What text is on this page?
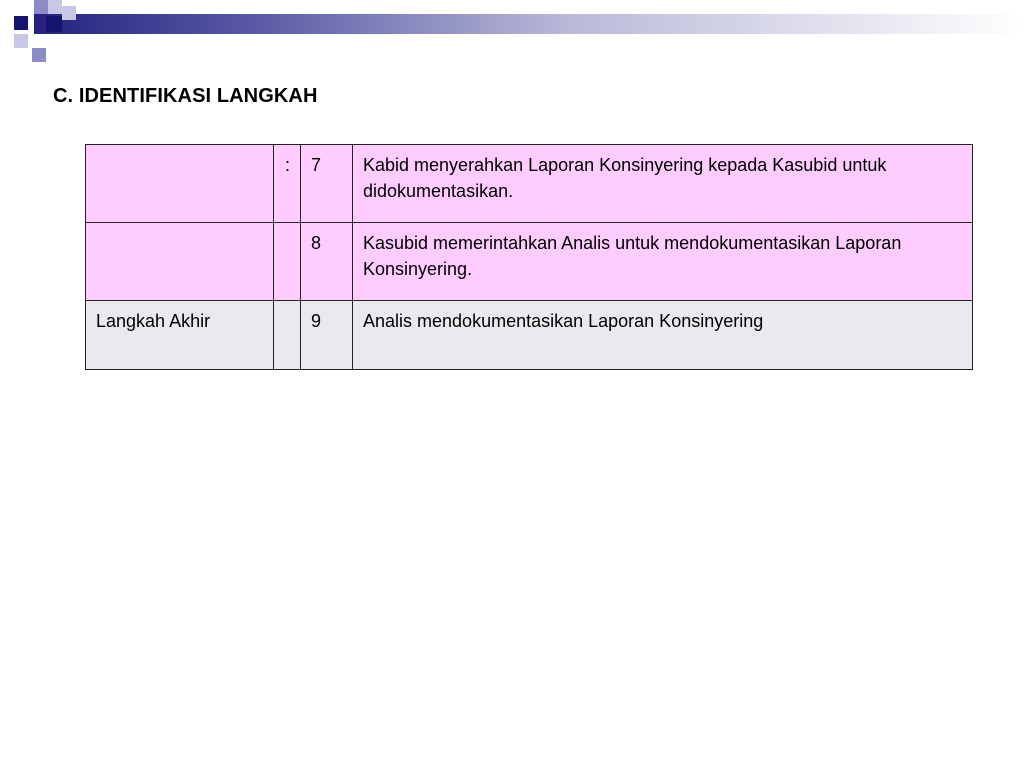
C. IDENTIFIKASI LANGKAH
	:	7	Kabid menyerahkan Laporan Konsinyering kepada Kasubid untuk didokumentasikan.
		8	Kasubid memerintahkan Analis untuk mendokumentasikan Laporan Konsinyering.
Langkah Akhir		9	Analis mendokumentasikan Laporan Konsinyering
